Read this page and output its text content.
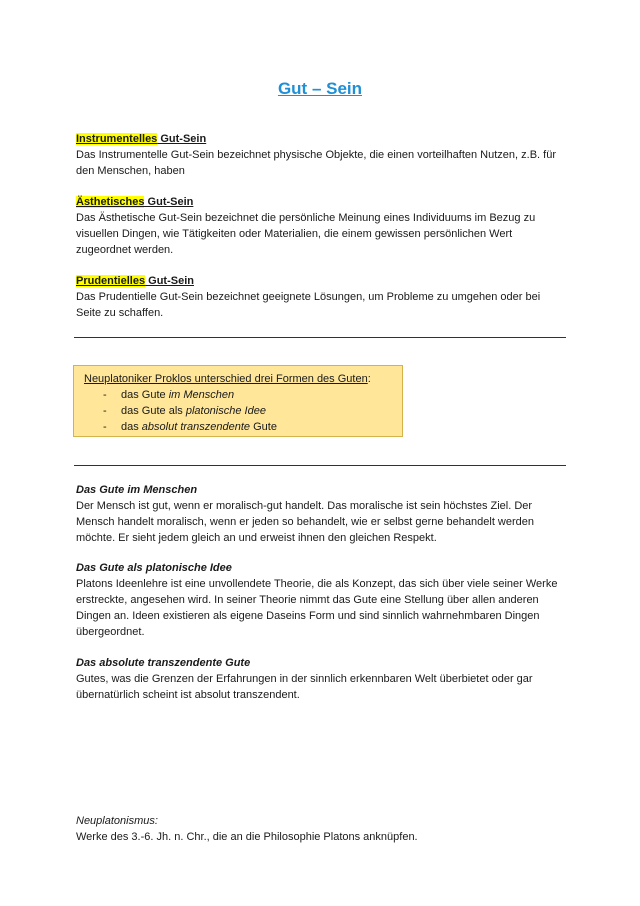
Gut – Sein
Instrumentelles Gut-Sein

Das Instrumentelle Gut-Sein bezeichnet physische Objekte, die einen vorteilhaften Nutzen, z.B. für den Menschen, haben

Ästhetisches Gut-Sein

Das Ästhetische Gut-Sein bezeichnet die persönliche Meinung eines Individuums im Bezug zu visuellen Dingen, wie Tätigkeiten oder Materialien, die einem gewissen persönlichen Wert zugeordnet werden.

Prudentielles Gut-Sein

Das Prudentielle Gut-Sein bezeichnet geeignete Lösungen, um Probleme zu umgehen oder bei Seite zu schaffen.

Neuplatoniker Proklos unterschied drei Formen des Guten:
- das Gute im Menschen
- das Gute als platonische Idee
- das absolut transzendente Gute
Das Gute im Menschen

Der Mensch ist gut, wenn er moralisch-gut handelt. Das moralische ist sein höchstes Ziel. Der Mensch handelt moralisch, wenn er jeden so behandelt, wie er selbst gerne behandelt werden möchte. Er sieht jedem gleich an und erweist ihnen den gleichen Respekt.

Das Gute als platonische Idee

Platons Ideenlehre ist eine unvollendete Theorie, die als Konzept, das sich über viele seiner Werke erstreckte, angesehen wird. In seiner Theorie nimmt das Gute eine Stellung über allen anderen Dingen an. Ideen existieren als eigene Daseins Form und sind sinnlich wahrnehmbaren Dingen übergeordnet.

Das absolute transzendente Gute

Gutes, was die Grenzen der Erfahrungen in der sinnlich erkennbaren Welt überbietet oder gar übernatürlich scheint ist absolut transzendent.

Neuplatonismus:
Werke des 3.-6. Jh. n. Chr., die an die Philosophie Platons anknüpfen.
